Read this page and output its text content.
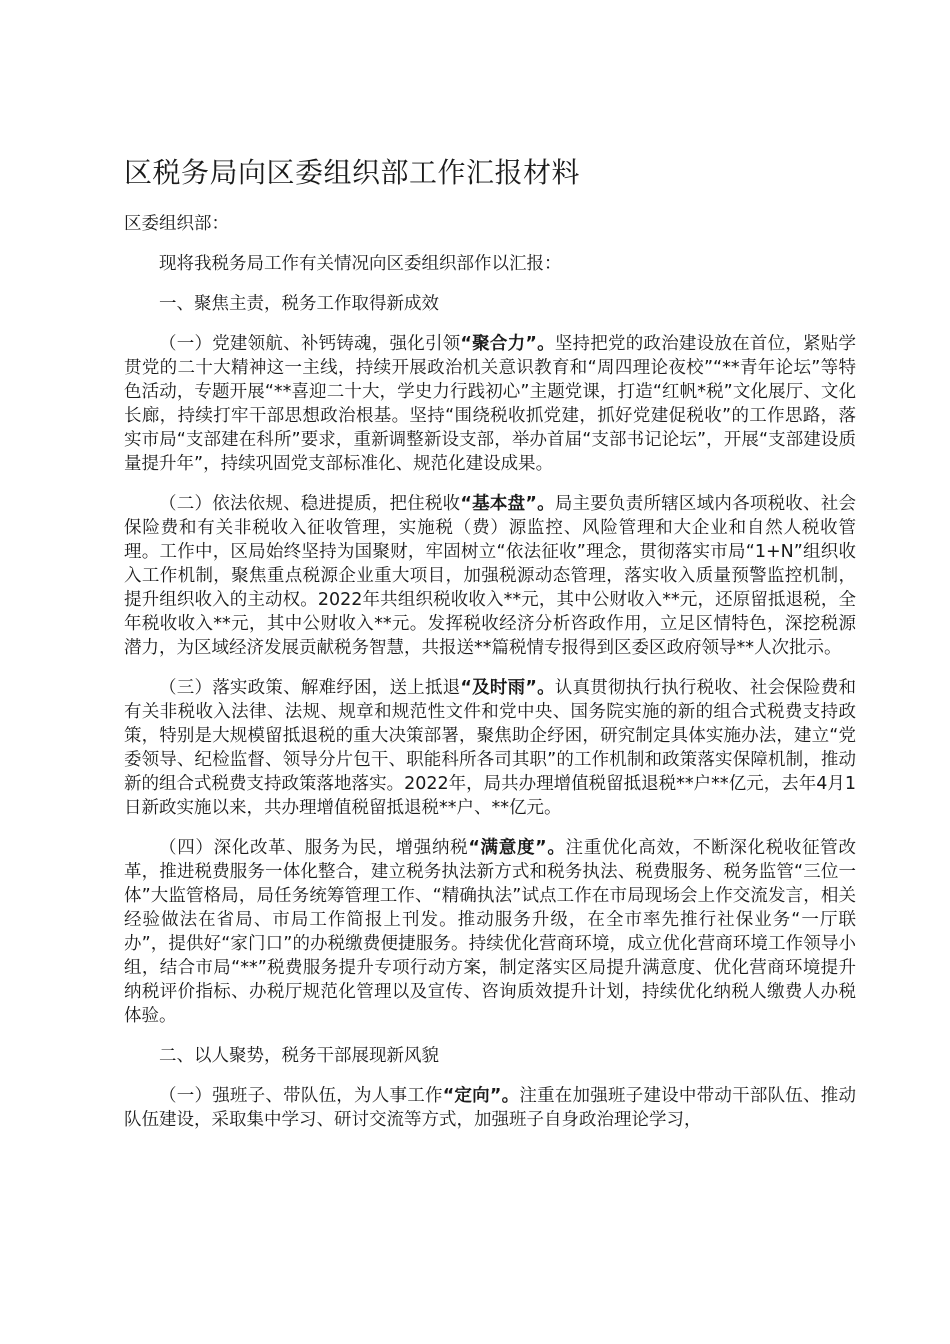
区税务局向区委组织部工作汇报材料

区委组织部：

现将我税务局工作有关情况向区委组织部作以汇报：

一、聚焦主责，税务工作取得新成效

（一）党建领航、补钙铸魂，强化引领“聚合力”。坚持把党的政治建设放在首位，紧贴学贯党的二十大精神这一主线，持续开展政治机关意识教育和“周四理论夜校”“**青年论坛”等特色活动，专题开展“**喜迎二十大，学史力行践初心”主题党课，打造“红帆*税”文化展厅、文化长廊，持续打牢干部思想政治根基。坚持“围绕税收抓党建，抓好党建促税收”的工作思路，落实市局“支部建在科所”要求，重新调整新设支部，举办首届“支部书记论坛”，开展“支部建设质量提升年”，持续巩固党支部标准化、规范化建设成果。

（二）依法依规、稳进提质，把住税收“基本盘”。局主要负责所辖区域内各项税收、社会保险费和有关非税收入征收管理，实施税（费）源监控、风险管理和大企业和自然人税收管理。工作中，区局始终坚持为国聚财，牢固树立“依法征收”理念，贯彻落实市局“1+N”组织收入工作机制，聚焦重点税源企业重大项目，加强税源动态管理，落实收入质量预警监控机制，提升组织收入的主动权。2022年共组织税收收入**元，其中公财收入**元，还原留抵退税，全年税收收入**元，其中公财收入**元。发挥税收经济分析咨政作用，立足区情特色，深挖税源潜力，为区域经济发展贡献税务智慧，共报送**篇税情专报得到区委区政府领导**人次批示。

（三）落实政策、解难纾困，送上抵退“及时雨”。认真贯彻执行执行税收、社会保险费和有关非税收入法律、法规、规章和规范性文件和党中央、国务院实施的新的组合式税费支持政策，特别是大规模留抵退税的重大决策部署，聚焦助企纾困，研究制定具体实施办法，建立“党委领导、纪检监督、领导分片包干、职能科所各司其职”的工作机制和政策落实保障机制，推动新的组合式税费支持政策落地落实。2022年，局共办理增值税留抵退税**户**亿元，去年4月1日新政实施以来，共办理增值税留抵退税**户、**亿元。

（四）深化改革、服务为民，增强纳税“满意度”。注重优化高效，不断深化税收征管改革，推进税费服务一体化整合，建立税务执法新方式和税务执法、税费服务、税务监管“三位一体”大监管格局，局任务统筹管理工作、“精确执法”试点工作在市局现场会上作交流发言，相关经验做法在省局、市局工作简报上刊发。推动服务升级，在全市率先推行社保业务“一厅联办”，提供好“家门口”的办税缴费便捷服务。持续优化营商环境，成立优化营商环境工作领导小组，结合市局“**”税费服务提升专项行动方案，制定落实区局提升满意度、优化营商环境提升纳税评价指标、办税厅规范化管理以及宣传、咨询质效提升计划，持续优化纳税人缴费人办税体验。

二、以人聚势，税务干部展现新风貌

（一）强班子、带队伍，为人事工作“定向”。注重在加强班子建设中带动干部队伍、推动队伍建设，采取集中学习、研讨交流等方式，加强班子自身政治理论学习，
